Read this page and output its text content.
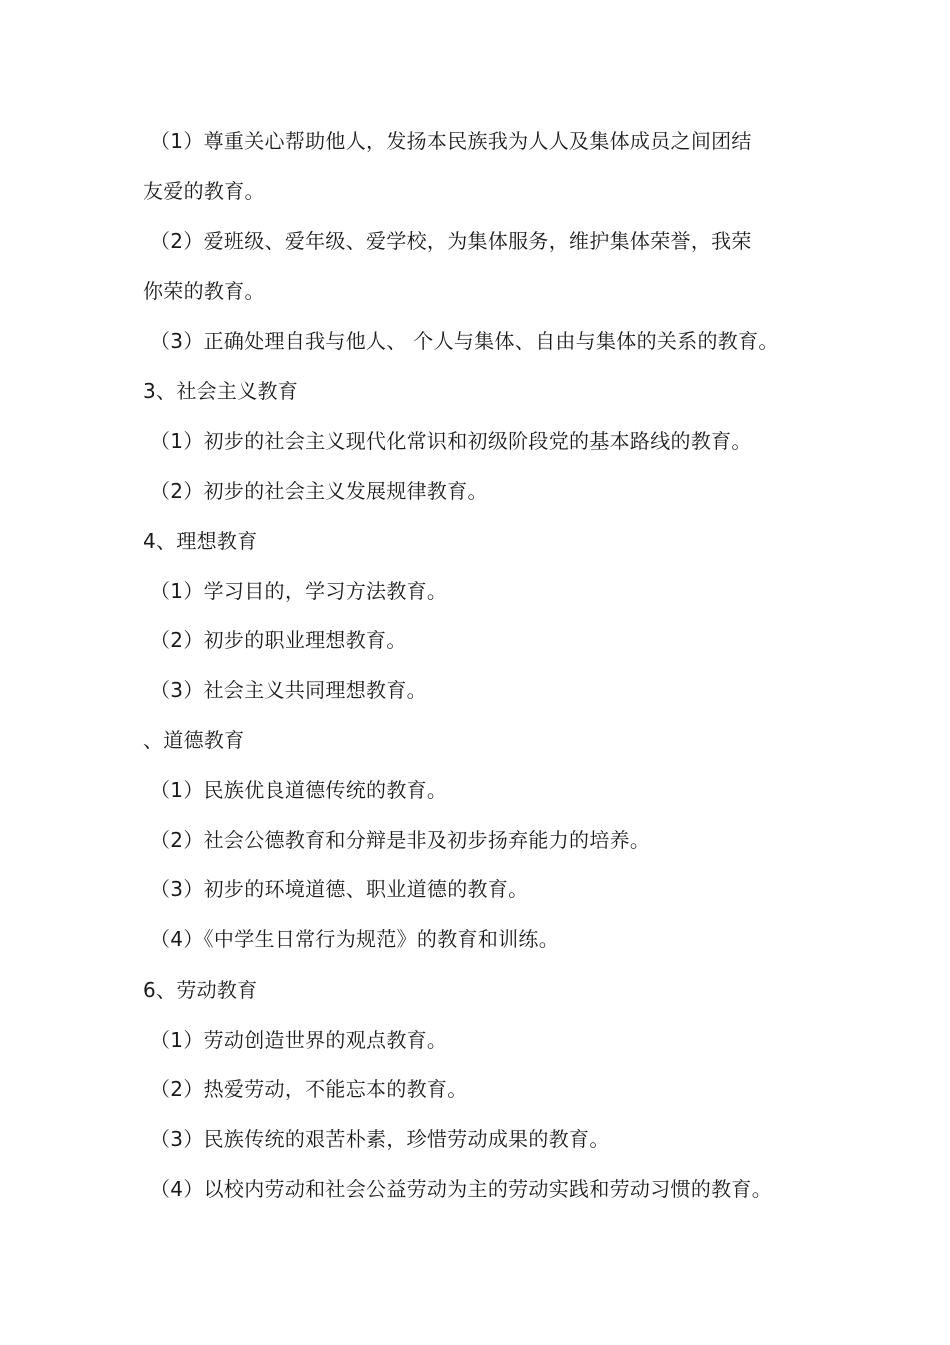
（1）尊重关心帮助他人，发扬本民族我为人人及集体成员之间团结
友爱的教育。
（2）爱班级、爱年级、爱学校，为集体服务，维护集体荣誉，我荣
你荣的教育。
（3）正确处理自我与他人、 个人与集体、自由与集体的关系的教育。
3、社会主义教育
（1）初步的社会主义现代化常识和初级阶段党的基本路线的教育。
（2）初步的社会主义发展规律教育。
4、理想教育
（1）学习目的，学习方法教育。
（2）初步的职业理想教育。
（3）社会主义共同理想教育。
、道德教育
（1）民族优良道德传统的教育。
（2）社会公德教育和分辩是非及初步扬弃能力的培养。
（3）初步的环境道德、职业道德的教育。
（4）《中学生日常行为规范》的教育和训练。
6、劳动教育
（1）劳动创造世界的观点教育。
（2）热爱劳动，不能忘本的教育。
（3）民族传统的艰苦朴素，珍惜劳动成果的教育。
（4）以校内劳动和社会公益劳动为主的劳动实践和劳动习惯的教育。
